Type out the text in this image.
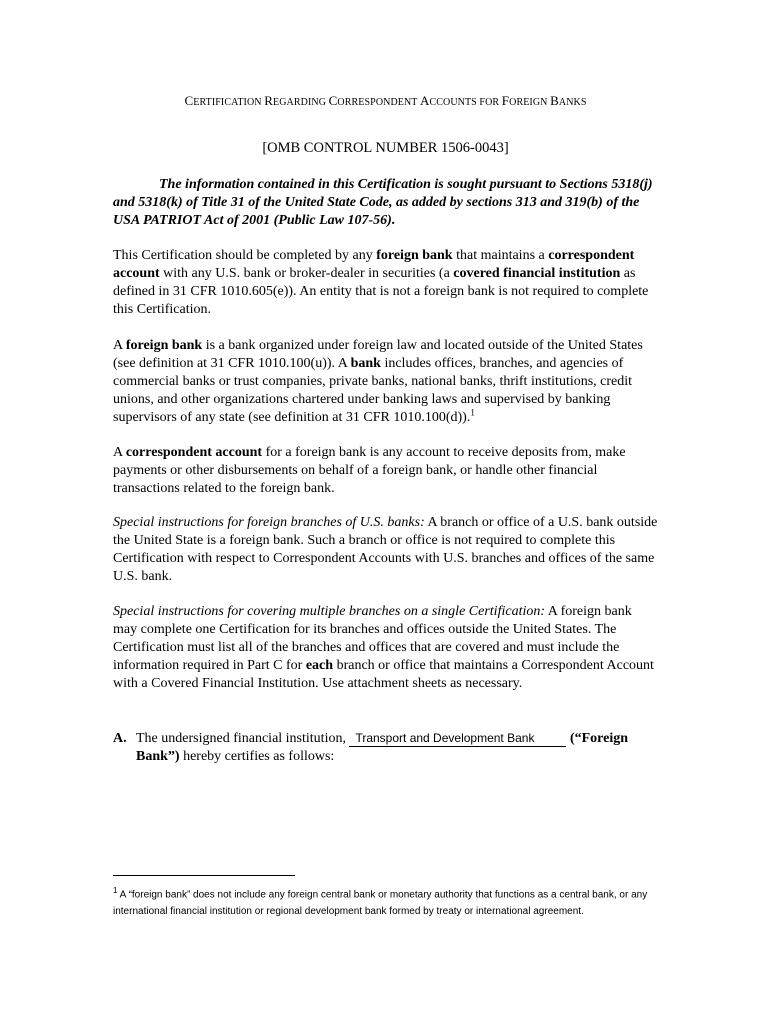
CERTIFICATION REGARDING CORRESPONDENT ACCOUNTS FOR FOREIGN BANKS
[OMB CONTROL NUMBER 1506-0043]
The information contained in this Certification is sought pursuant to Sections 5318(j) and 5318(k) of Title 31 of the United State Code, as added by sections 313 and 319(b) of the USA PATRIOT Act of 2001 (Public Law 107-56).
This Certification should be completed by any foreign bank that maintains a correspondent account with any U.S. bank or broker-dealer in securities (a covered financial institution as defined in 31 CFR 1010.605(e)). An entity that is not a foreign bank is not required to complete this Certification.
A foreign bank is a bank organized under foreign law and located outside of the United States (see definition at 31 CFR 1010.100(u)). A bank includes offices, branches, and agencies of commercial banks or trust companies, private banks, national banks, thrift institutions, credit unions, and other organizations chartered under banking laws and supervised by banking supervisors of any state (see definition at 31 CFR 1010.100(d)).$^1$
A correspondent account for a foreign bank is any account to receive deposits from, make payments or other disbursements on behalf of a foreign bank, or handle other financial transactions related to the foreign bank.
Special instructions for foreign branches of U.S. banks: A branch or office of a U.S. bank outside the United State is a foreign bank. Such a branch or office is not required to complete this Certification with respect to Correspondent Accounts with U.S. branches and offices of the same U.S. bank.
Special instructions for covering multiple branches on a single Certification: A foreign bank may complete one Certification for its branches and offices outside the United States. The Certification must list all of the branches and offices that are covered and must include the information required in Part C for each branch or office that maintains a Correspondent Account with a Covered Financial Institution. Use attachment sheets as necessary.
A. The undersigned financial institution, Transport and Development Bank (“Foreign Bank”) hereby certifies as follows:
$^1$ A “foreign bank” does not include any foreign central bank or monetary authority that functions as a central bank, or any international financial institution or regional development bank formed by treaty or international agreement.
